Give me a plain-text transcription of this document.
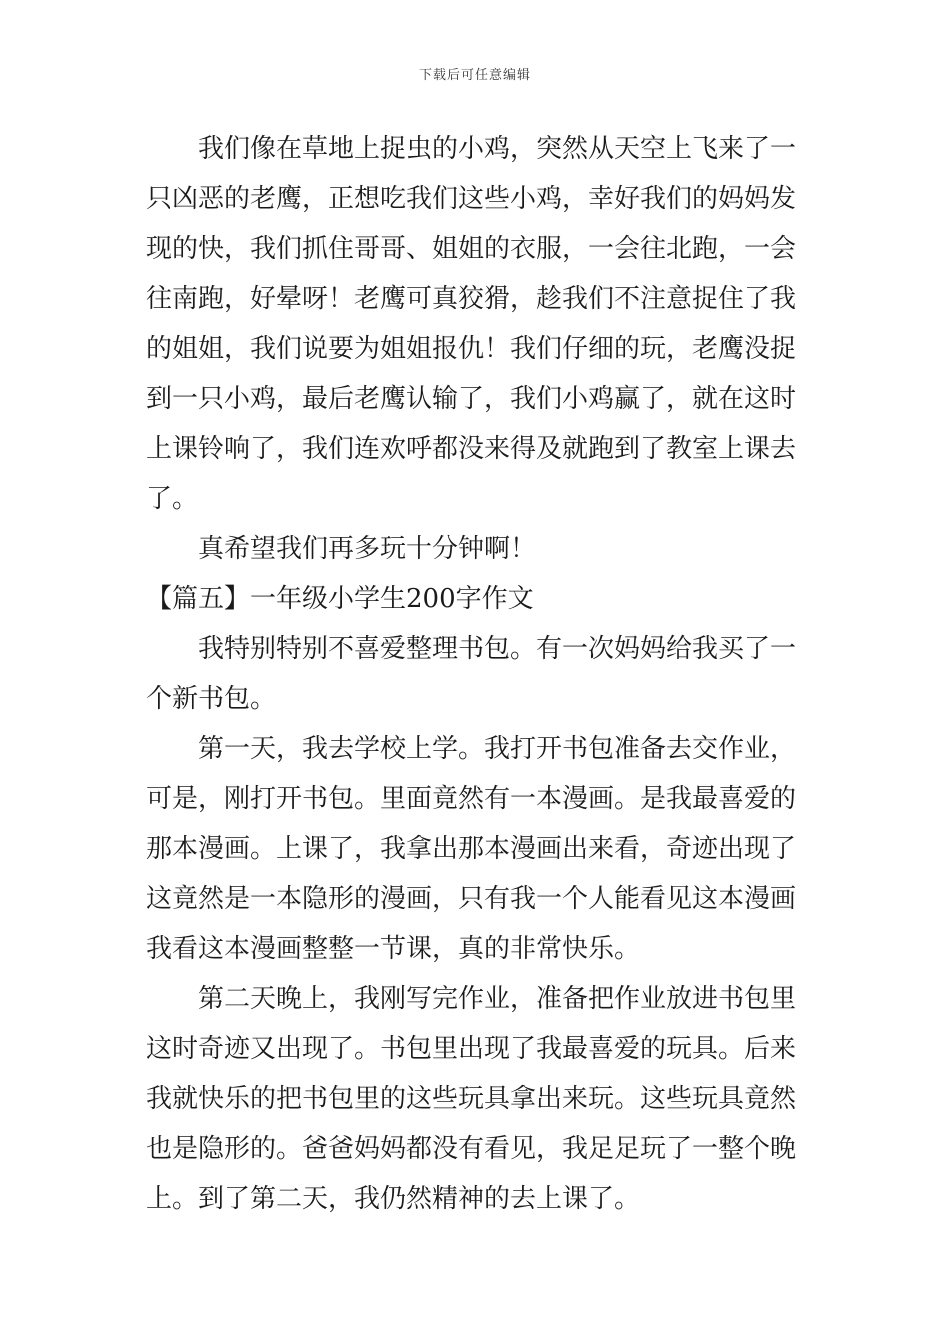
下载后可任意编辑
我们像在草地上捉虫的小鸡，突然从天空上飞来了一
只凶恶的老鹰，正想吃我们这些小鸡，幸好我们的妈妈发
现的快，我们抓住哥哥、姐姐的衣服，一会往北跑，一会
往南跑，好晕呀！老鹰可真狡猾，趁我们不注意捉住了我
的姐姐，我们说要为姐姐报仇！我们仔细的玩，老鹰没捉
到一只小鸡，最后老鹰认输了，我们小鸡赢了，就在这时
上课铃响了，我们连欢呼都没来得及就跑到了教室上课去
了。
真希望我们再多玩十分钟啊！
【篇五】一年级小学生200字作文
我特别特别不喜爱整理书包。有一次妈妈给我买了一
个新书包。
第一天，我去学校上学。我打开书包准备去交作业，
可是，刚打开书包。里面竟然有一本漫画。是我最喜爱的
那本漫画。上课了，我拿出那本漫画出来看，奇迹出现了
这竟然是一本隐形的漫画，只有我一个人能看见这本漫画
我看这本漫画整整一节课，真的非常快乐。
第二天晚上，我刚写完作业，准备把作业放进书包里
这时奇迹又出现了。书包里出现了我最喜爱的玩具。后来
我就快乐的把书包里的这些玩具拿出来玩。这些玩具竟然
也是隐形的。爸爸妈妈都没有看见，我足足玩了一整个晚
上。到了第二天，我仍然精神的去上课了。
